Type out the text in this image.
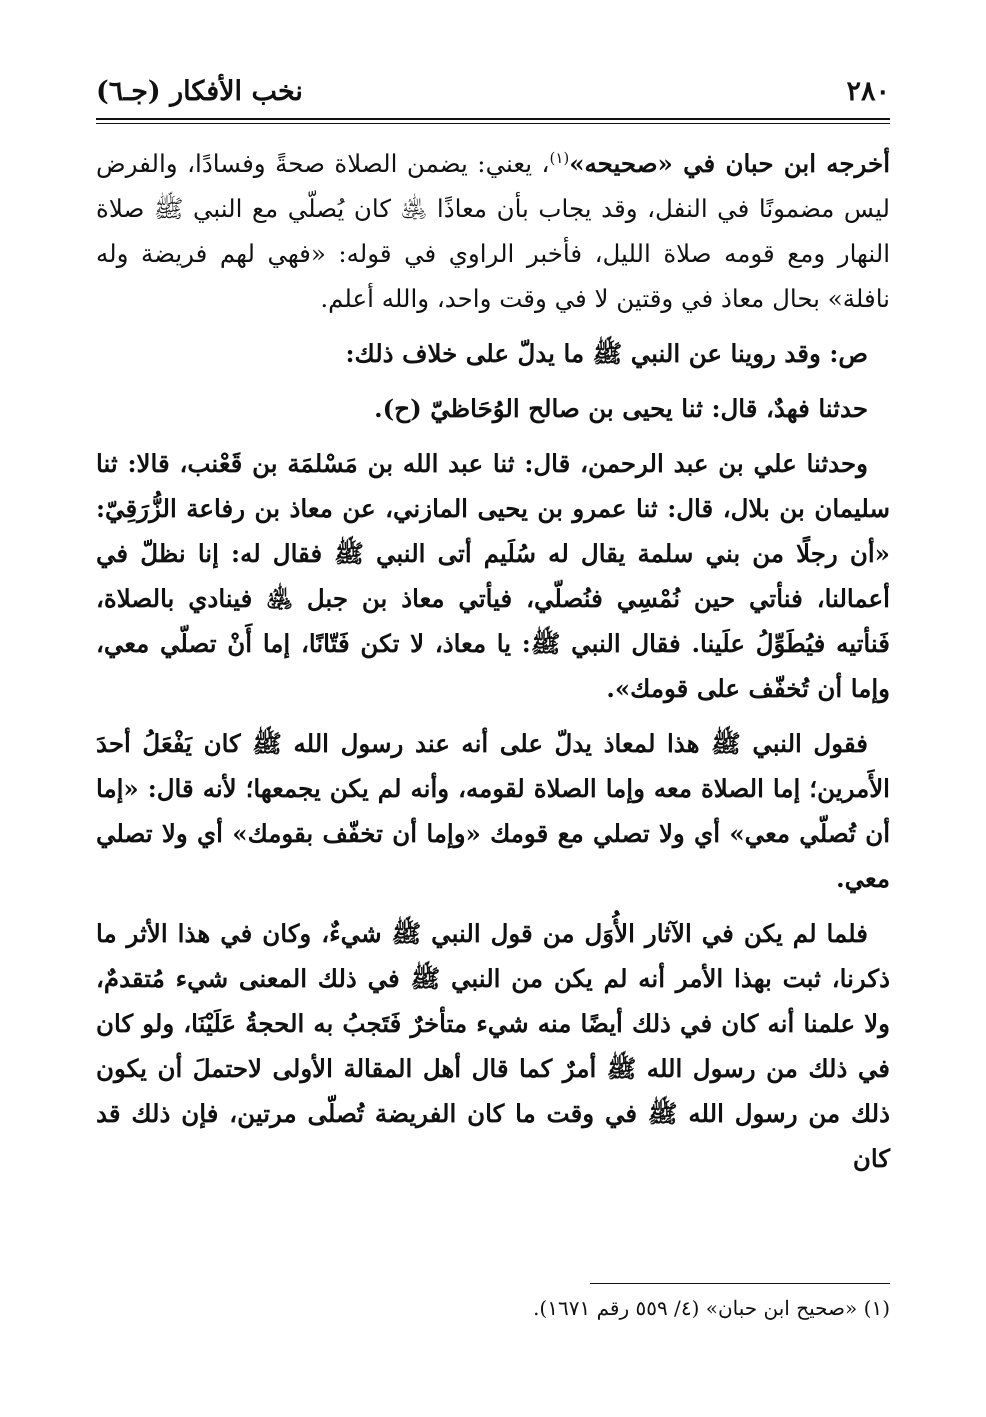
٢٨٠
نخب الأفكار (جـ٦)

أخرجه ابن حبان في «صحيحه»$^{(١)}$، يعني: يضمن الصلاة صحةً وفسادًا، والفرض ليس مضمونًا في النفل، وقد يجاب بأن معاذًا ﵁ كان يُصلّي مع النبي ﷺ صلاة النهار ومع قومه صلاة الليل، فأخبر الراوي في قوله: «فهي لهم فريضة وله نافلة» بحال معاذ في وقتين لا في وقت واحد، والله أعلم.

ص: وقد روينا عن النبي ﷺ ما يدلّ على خلاف ذلك:

حدثنا فهدٌ، قال: ثنا يحيى بن صالح الوُحَاظيّ (ح).

وحدثنا علي بن عبد الرحمن، قال: ثنا عبد الله بن مَسْلمَة بن قَعْنب، قالا: ثنا سليمان بن بلال، قال: ثنا عمرو بن يحيى المازني، عن معاذ بن رفاعة الزُّرَقِيّ: «أن رجلًا من بني سلمة يقال له سُلَيم أتى النبي ﷺ فقال له: إنا نظلّ في أعمالنا، فنأتي حين نُمْسِي فنُصلّي، فيأتي معاذ بن جبل ﵁ فينادي بالصلاة، فَنأتيه فيُطَوِّلُ علَينا. فقال النبي ﷺ: يا معاذ، لا تكن فَتّانًا، إما أَنْ تصلّي معي، وإما أن تُخفّف على قومك».

فقول النبي ﷺ هذا لمعاذ يدلّ على أنه عند رسول الله ﷺ كان يَفْعَلُ أحدَ الأَمرين؛ إما الصلاة معه وإما الصلاة لقومه، وأنه لم يكن يجمعها؛ لأنه قال: «إما أن تُصلّي معي» أي ولا تصلي مع قومك «وإما أن تخفّف بقومك» أي ولا تصلي معي.

فلما لم يكن في الآثار الأُوَل من قول النبي ﷺ شيءٌ، وكان في هذا الأثر ما ذكرنا، ثبت بهذا الأمر أنه لم يكن من النبي ﷺ في ذلك المعنى شيء مُتقدمٌ، ولا علمنا أنه كان في ذلك أيضًا منه شيء متأخرٌ فَتَجبُ به الحجةُ عَلَيْنَا، ولو كان في ذلك من رسول الله ﷺ أمرٌ كما قال أهل المقالة الأولى لاحتملَ أن يكون ذلك من رسول الله ﷺ في وقت ما كان الفريضة تُصلّى مرتين، فإن ذلك قد كان

(١) «صحيح ابن حبان» (٤/ ٥٥٩ رقم ١٦٧١).
